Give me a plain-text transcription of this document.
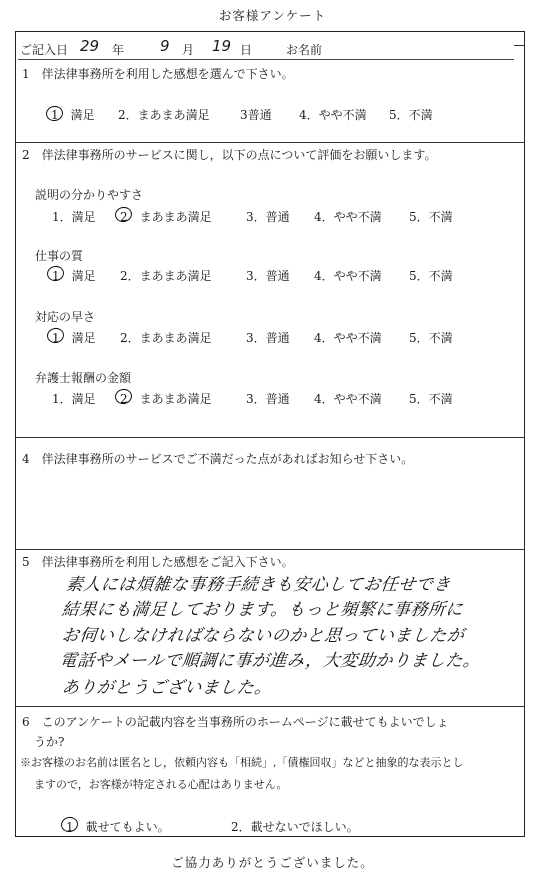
お客様アンケート
ご記入日 29 年 9 月 19 日	お名前
1　伴法律事務所を利用した感想を選んで下さい。
1　満足 2．まあまあ満足	3普通 4．やや不満 5．不満
2　伴法律事務所のサービスに関し，以下の点について評価をお願いします。
説明の分かりやすさ
1．満足 2　まあまあ満足	3．普通 4．やや不満 5．不満
仕事の質
1　満足 2．まあまあ満足	3．普通 4．やや不満 5．不満
対応の早さ
1　満足 2．まあまあ満足	3．普通 4．やや不満 5．不満
弁護士報酬の金額
1．満足 2　まあまあ満足	3．普通 4．やや不満 5．不満
4　伴法律事務所のサービスでご不満だった点があればお知らせ下さい。
5　伴法律事務所を利用した感想をご記入下さい。
素人には煩雑な事務手続きも安心してお任せでき
結果にも満足しております。もっと頻繁に事務所に
お伺いしなければならないのかと思っていましたが
電話やメールで順調に事が進み，大変助かりました。
ありがとうございました。
6　このアンケートの記載内容を当事務所のホームページに載せてもよいでしょ
うか?
※お客様のお名前は匿名とし，依頼内容も「相続」,「債権回収」などと抽象的な表示とし
ますので，お客様が特定される心配はありません。
1　載せてもよい。	2．載せないでほしい。
ご協力ありがとうございました。
